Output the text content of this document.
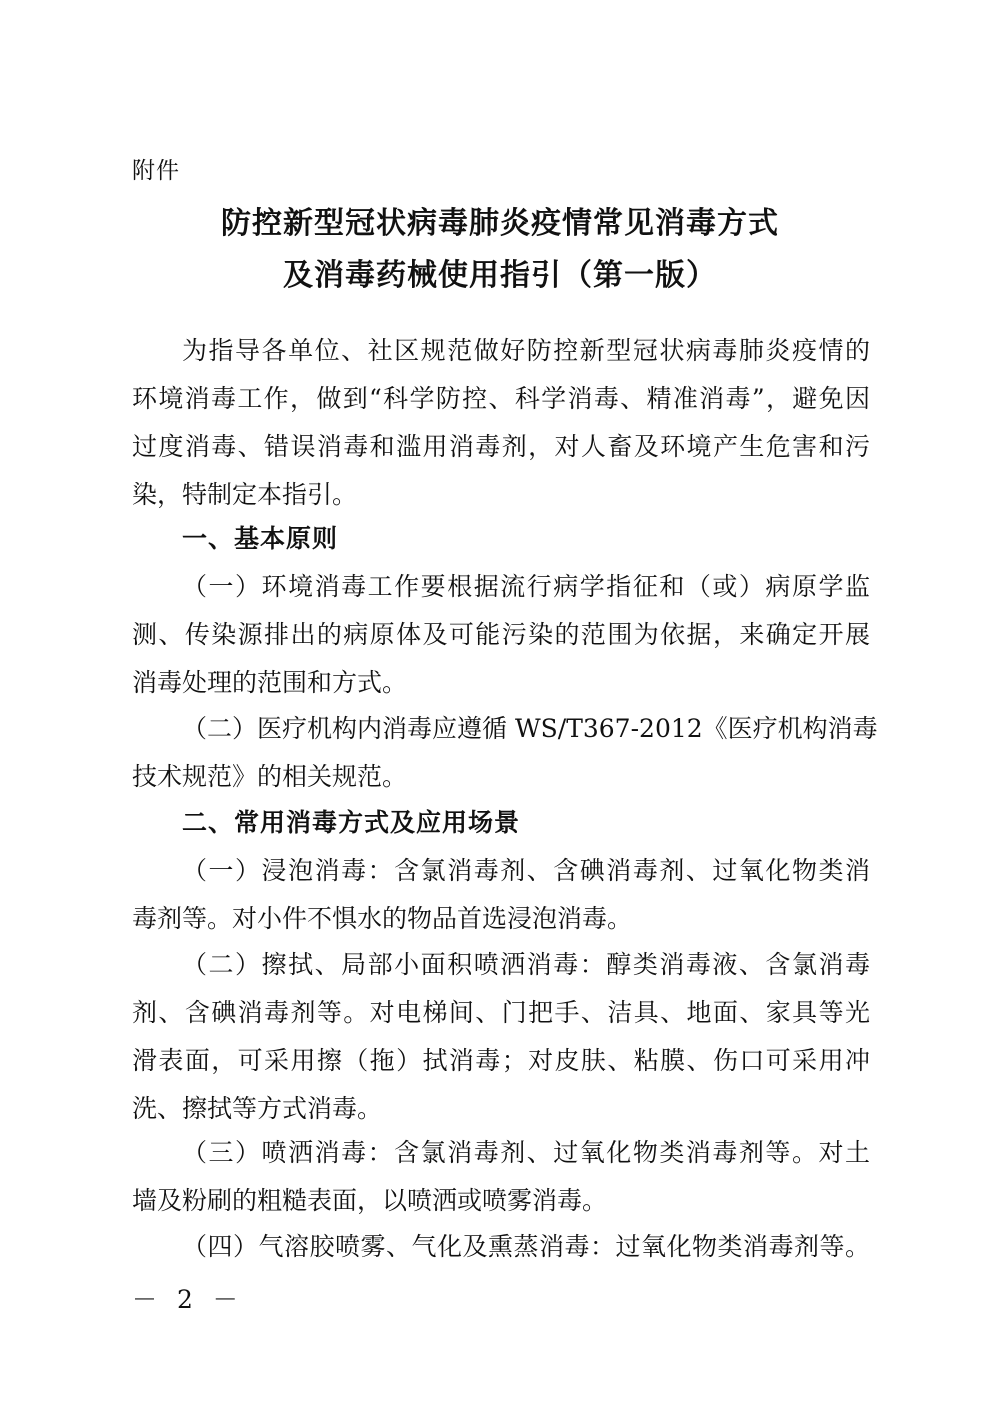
附件
防控新型冠状病毒肺炎疫情常见消毒方式
及消毒药械使用指引（第一版）
为指导各单位、社区规范做好防控新型冠状病毒肺炎疫情的
环境消毒工作，做到“科学防控、科学消毒、精准消毒”，避免因
过度消毒、错误消毒和滥用消毒剂，对人畜及环境产生危害和污
染，特制定本指引。
一、基本原则
（一）环境消毒工作要根据流行病学指征和（或）病原学监
测、传染源排出的病原体及可能污染的范围为依据，来确定开展
消毒处理的范围和方式。
（二）医疗机构内消毒应遵循 WS/T367-2012《医疗机构消毒
技术规范》的相关规范。
二、常用消毒方式及应用场景
（一）浸泡消毒：含氯消毒剂、含碘消毒剂、过氧化物类消
毒剂等。对小件不惧水的物品首选浸泡消毒。
（二）擦拭、局部小面积喷洒消毒：醇类消毒液、含氯消毒
剂、含碘消毒剂等。对电梯间、门把手、洁具、地面、家具等光
滑表面，可采用擦（拖）拭消毒；对皮肤、粘膜、伤口可采用冲
洗、擦拭等方式消毒。
（三）喷洒消毒：含氯消毒剂、过氧化物类消毒剂等。对土
墙及粉刷的粗糙表面，以喷洒或喷雾消毒。
（四）气溶胶喷雾、气化及熏蒸消毒：过氧化物类消毒剂等。
－ 2 －
